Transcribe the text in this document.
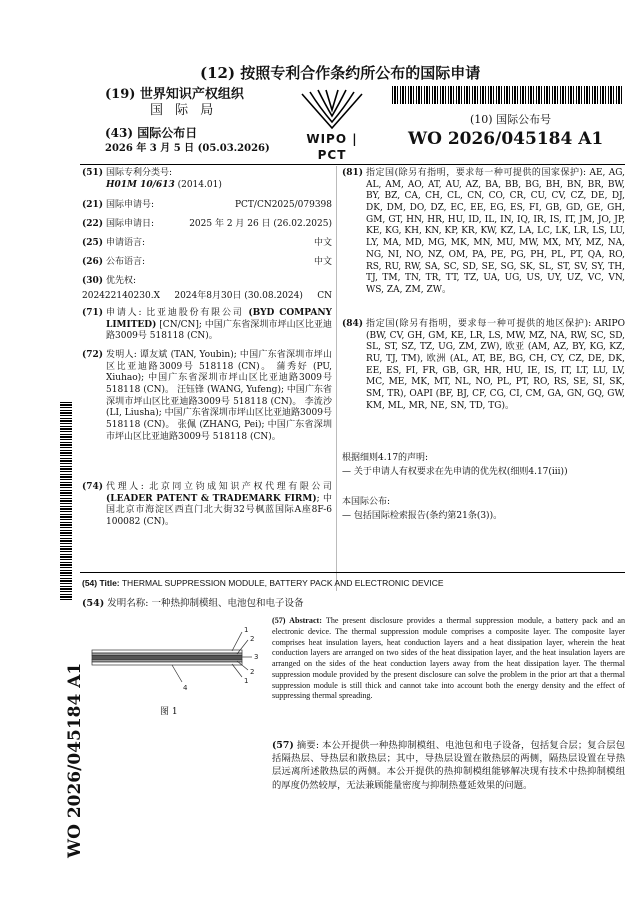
(12) 按照专利合作条约所公布的国际申请
(19) 世界知识产权组织
国 际 局
(43) 国际公布日
2026 年 3 月 5 日 (05.03.2026)
WIPO | PCT
(10) 国际公布号
WO 2026/045184 A1
WO 2026/045184 A1
(51) 国际专利分类号:
H01M 10/613 (2014.01)
(21) 国际申请号:	PCT/CN2025/079398
(22) 国际申请日:	2025 年 2 月 26 日 (26.02.2025)
(25) 申请语言:	中文
(26) 公布语言:	中文
(30) 优先权:
202422140230.X 2024年8月30日 (30.08.2024) CN
(71) 申请人: 比亚迪股份有限公司 (BYD COMPANY LIMITED) [CN/CN]; 中国广东省深圳市坪山区比亚迪路3009号 518118 (CN)。
(72) 发明人: 谭友斌 (TAN, Youbin); 中国广东省深圳市坪山区比亚迪路3009号 518118 (CN)。 蒲秀好 (PU, Xiuhao); 中国广东省深圳市坪山区比亚迪路3009号 518118 (CN)。 汪钰锋 (WANG, Yufeng); 中国广东省深圳市坪山区比亚迪路3009号 518118 (CN)。 李流沙 (LI, Liusha); 中国广东省深圳市坪山区比亚迪路3009号 518118 (CN)。 张佩 (ZHANG, Pei); 中国广东省深圳市坪山区比亚迪路3009号 518118 (CN)。
(74) 代理人: 北京同立钧成知识产权代理有限公司 (LEADER PATENT & TRADEMARK FIRM); 中国北京市海淀区西直门北大街32号枫蓝国际A座8F-6 100082 (CN)。
(81) 指定国(除另有指明，要求每一种可提供的国家保护): AE, AG, AL, AM, AO, AT, AU, AZ, BA, BB, BG, BH, BN, BR, BW, BY, BZ, CA, CH, CL, CN, CO, CR, CU, CV, CZ, DE, DJ, DK, DM, DO, DZ, EC, EE, EG, ES, FI, GB, GD, GE, GH, GM, GT, HN, HR, HU, ID, IL, IN, IQ, IR, IS, IT, JM, JO, JP, KE, KG, KH, KN, KP, KR, KW, KZ, LA, LC, LK, LR, LS, LU, LY, MA, MD, MG, MK, MN, MU, MW, MX, MY, MZ, NA, NG, NI, NO, NZ, OM, PA, PE, PG, PH, PL, PT, QA, RO, RS, RU, RW, SA, SC, SD, SE, SG, SK, SL, ST, SV, SY, TH, TJ, TM, TN, TR, TT, TZ, UA, UG, US, UY, UZ, VC, VN, WS, ZA, ZM, ZW。
(84) 指定国(除另有指明，要求每一种可提供的地区保护): ARIPO (BW, CV, GH, GM, KE, LR, LS, MW, MZ, NA, RW, SC, SD, SL, ST, SZ, TZ, UG, ZM, ZW), 欧亚 (AM, AZ, BY, KG, KZ, RU, TJ, TM), 欧洲 (AL, AT, BE, BG, CH, CY, CZ, DE, DK, EE, ES, FI, FR, GB, GR, HR, HU, IE, IS, IT, LT, LU, LV, MC, ME, MK, MT, NL, NO, PL, PT, RO, RS, SE, SI, SK, SM, TR), OAPI (BF, BJ, CF, CG, CI, CM, GA, GN, GQ, GW, KM, ML, MR, NE, SN, TD, TG)。
根据细则4.17的声明:
— 关于申请人有权要求在先申请的优先权(细则4.17(iii))
本国际公布:
— 包括国际检索报告(条约第21条(3))。
(54) Title: THERMAL SUPPRESSION MODULE, BATTERY PACK AND ELECTRONIC DEVICE
(54) 发明名称: 一种热抑制模组、电池包和电子设备
1
2
3
2
1
4
图 1
(57) Abstract: The present disclosure provides a thermal suppression module, a battery pack and an electronic device. The thermal suppression module comprises a composite layer. The composite layer comprises heat insulation layers, heat conduction layers and a heat dissipation layer, wherein the heat conduction layers are arranged on two sides of the heat dissipation layer, and the heat insulation layers are arranged on the sides of the heat conduction layers away from the heat dissipation layer. The thermal suppression module provided by the present disclosure can solve the problem in the prior art that a thermal suppression module is still thick and cannot take into account both the energy density and the effect of suppressing thermal spreading.
(57) 摘要: 本公开提供一种热抑制模组、电池包和电子设备，包括复合层；复合层包括隔热层、导热层和散热层；其中，导热层设置在散热层的两侧，隔热层设置在导热层远离所述散热层的两侧。本公开提供的热抑制模组能够解决现有技术中热抑制模组的厚度仍然较厚，无法兼顾能量密度与抑制热蔓延效果的问题。
